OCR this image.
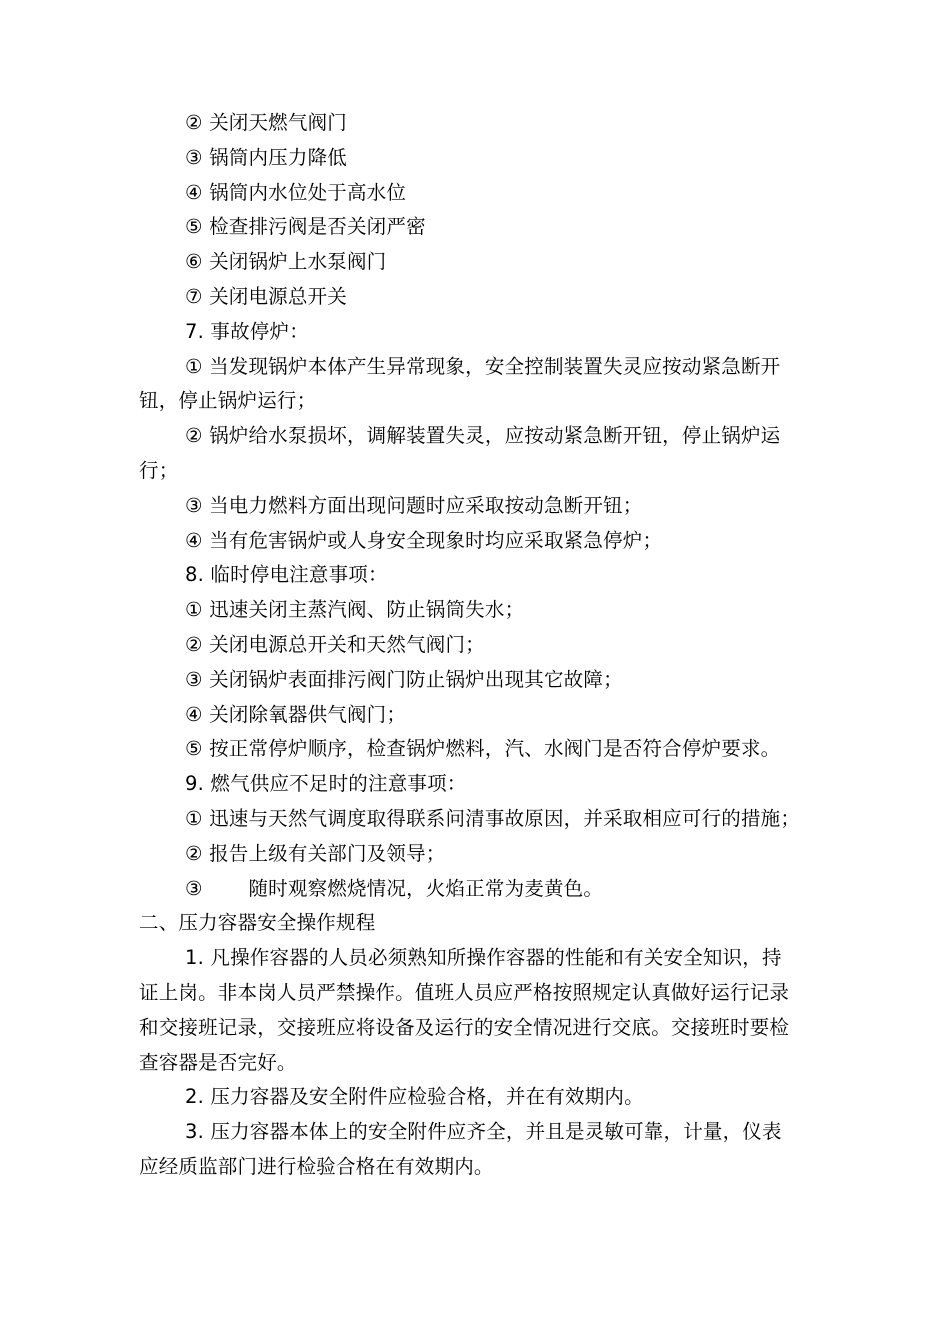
② 关闭天燃气阀门
③ 锅筒内压力降低
④ 锅筒内水位处于高水位
⑤ 检查排污阀是否关闭严密
⑥ 关闭锅炉上水泵阀门
⑦ 关闭电源总开关
7. 事故停炉：
① 当发现锅炉本体产生异常现象，安全控制装置失灵应按动紧急断开
钮，停止锅炉运行；
② 锅炉给水泵损坏，调解装置失灵，应按动紧急断开钮，停止锅炉运
行；
③ 当电力燃料方面出现问题时应采取按动急断开钮；
④ 当有危害锅炉或人身安全现象时均应采取紧急停炉；
8. 临时停电注意事项：
① 迅速关闭主蒸汽阀、防止锅筒失水；
② 关闭电源总开关和天然气阀门；
③ 关闭锅炉表面排污阀门防止锅炉出现其它故障；
④ 关闭除氧器供气阀门；
⑤ 按正常停炉顺序，检查锅炉燃料，汽、水阀门是否符合停炉要求。
9. 燃气供应不足时的注意事项：
① 迅速与天然气调度取得联系问清事故原因，并采取相应可行的措施；
② 报告上级有关部门及领导；
③　　 随时观察燃烧情况，火焰正常为麦黄色。
二、压力容器安全操作规程
1. 凡操作容器的人员必须熟知所操作容器的性能和有关安全知识，持
证上岗。非本岗人员严禁操作。值班人员应严格按照规定认真做好运行记录
和交接班记录，交接班应将设备及运行的安全情况进行交底。交接班时要检
查容器是否完好。
2. 压力容器及安全附件应检验合格，并在有效期内。
3. 压力容器本体上的安全附件应齐全，并且是灵敏可靠，计量，仪表
应经质监部门进行检验合格在有效期内。
